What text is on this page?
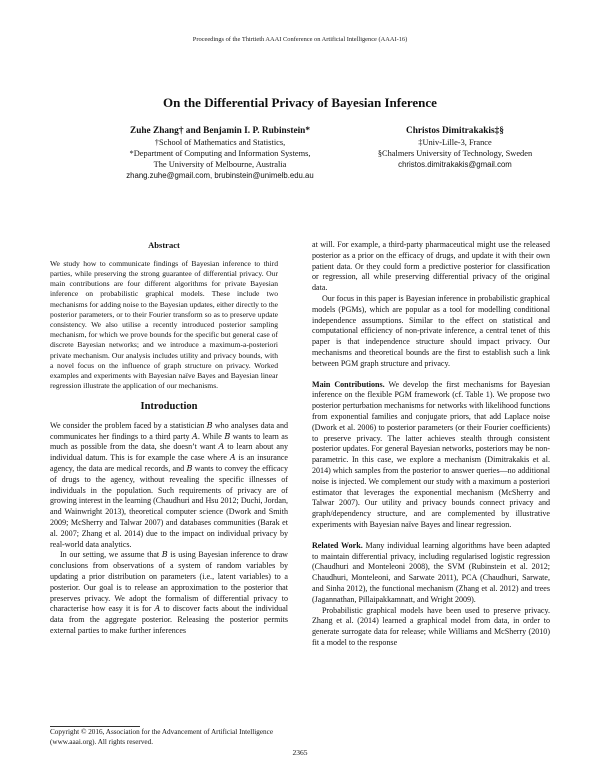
Proceedings of the Thirtieth AAAI Conference on Artificial Intelligence (AAAI-16)
On the Differential Privacy of Bayesian Inference
Zuhe Zhang† and Benjamin I. P. Rubinstein*
†School of Mathematics and Statistics,
*Department of Computing and Information Systems,
The University of Melbourne, Australia
zhang.zuhe@gmail.com, brubinstein@unimelb.edu.au
Christos Dimitrakakis‡§
‡Univ-Lille-3, France
§Chalmers University of Technology, Sweden
christos.dimitrakakis@gmail.com
Abstract

We study how to communicate findings of Bayesian inference to third parties, while preserving the strong guarantee of differential privacy. Our main contributions are four different algorithms for private Bayesian inference on probabilistic graphical models. These include two mechanisms for adding noise to the Bayesian updates, either directly to the posterior parameters, or to their Fourier transform so as to preserve update consistency. We also utilise a recently introduced posterior sampling mechanism, for which we prove bounds for the specific but general case of discrete Bayesian networks; and we introduce a maximum-a-posteriori private mechanism. Our analysis includes utility and privacy bounds, with a novel focus on the influence of graph structure on privacy. Worked examples and experiments with Bayesian naïve Bayes and Bayesian linear regression illustrate the application of our mechanisms.

Introduction

We consider the problem faced by a statistician 𝐵 who analyses data and communicates her findings to a third party 𝐴. While 𝐵 wants to learn as much as possible from the data, she doesn’t want 𝐴 to learn about any individual datum. This is for example the case where 𝐴 is an insurance agency, the data are medical records, and 𝐵 wants to convey the efficacy of drugs to the agency, without revealing the specific illnesses of individuals in the population. Such requirements of privacy are of growing interest in the learning (Chaudhuri and Hsu 2012; Duchi, Jordan, and Wainwright 2013), theoretical computer science (Dwork and Smith 2009; McSherry and Talwar 2007) and databases communities (Barak et al. 2007; Zhang et al. 2014) due to the impact on individual privacy by real-world data analytics.

In our setting, we assume that 𝐵 is using Bayesian inference to draw conclusions from observations of a system of random variables by updating a prior distribution on parameters (i.e., latent variables) to a posterior. Our goal is to release an approximation to the posterior that preserves privacy. We adopt the formalism of differential privacy to characterise how easy it is for 𝐴 to discover facts about the individual data from the aggregate posterior. Releasing the posterior permits external parties to make further inferences

at will. For example, a third-party pharmaceutical might use the released posterior as a prior on the efficacy of drugs, and update it with their own patient data. Or they could form a predictive posterior for classification or regression, all while preserving differential privacy of the original data.

Our focus in this paper is Bayesian inference in probabilistic graphical models (PGMs), which are popular as a tool for modelling conditional independence assumptions. Similar to the effect on statistical and computational efficiency of non-private inference, a central tenet of this paper is that independence structure should impact privacy. Our mechanisms and theoretical bounds are the first to establish such a link between PGM graph structure and privacy.

Main Contributions. We develop the first mechanisms for Bayesian inference on the flexible PGM framework (cf. Table 1). We propose two posterior perturbation mechanisms for networks with likelihood functions from exponential families and conjugate priors, that add Laplace noise (Dwork et al. 2006) to posterior parameters (or their Fourier coefficients) to preserve privacy. The latter achieves stealth through consistent posterior updates. For general Bayesian networks, posteriors may be non-parametric. In this case, we explore a mechanism (Dimitrakakis et al. 2014) which samples from the posterior to answer queries—no additional noise is injected. We complement our study with a maximum a posteriori estimator that leverages the exponential mechanism (McSherry and Talwar 2007). Our utility and privacy bounds connect privacy and graph/dependency structure, and are complemented by illustrative experiments with Bayesian naïve Bayes and linear regression.

Related Work. Many individual learning algorithms have been adapted to maintain differential privacy, including regularised logistic regression (Chaudhuri and Monteleoni 2008), the SVM (Rubinstein et al. 2012; Chaudhuri, Monteleoni, and Sarwate 2011), PCA (Chaudhuri, Sarwate, and Sinha 2012), the functional mechanism (Zhang et al. 2012) and trees (Jagannathan, Pillaipakkamnatt, and Wright 2009).

Probabilistic graphical models have been used to preserve privacy. Zhang et al. (2014) learned a graphical model from data, in order to generate surrogate data for release; while Williams and McSherry (2010) fit a model to the response

Copyright © 2016, Association for the Advancement of Artificial Intelligence (www.aaai.org). All rights reserved.
2365
